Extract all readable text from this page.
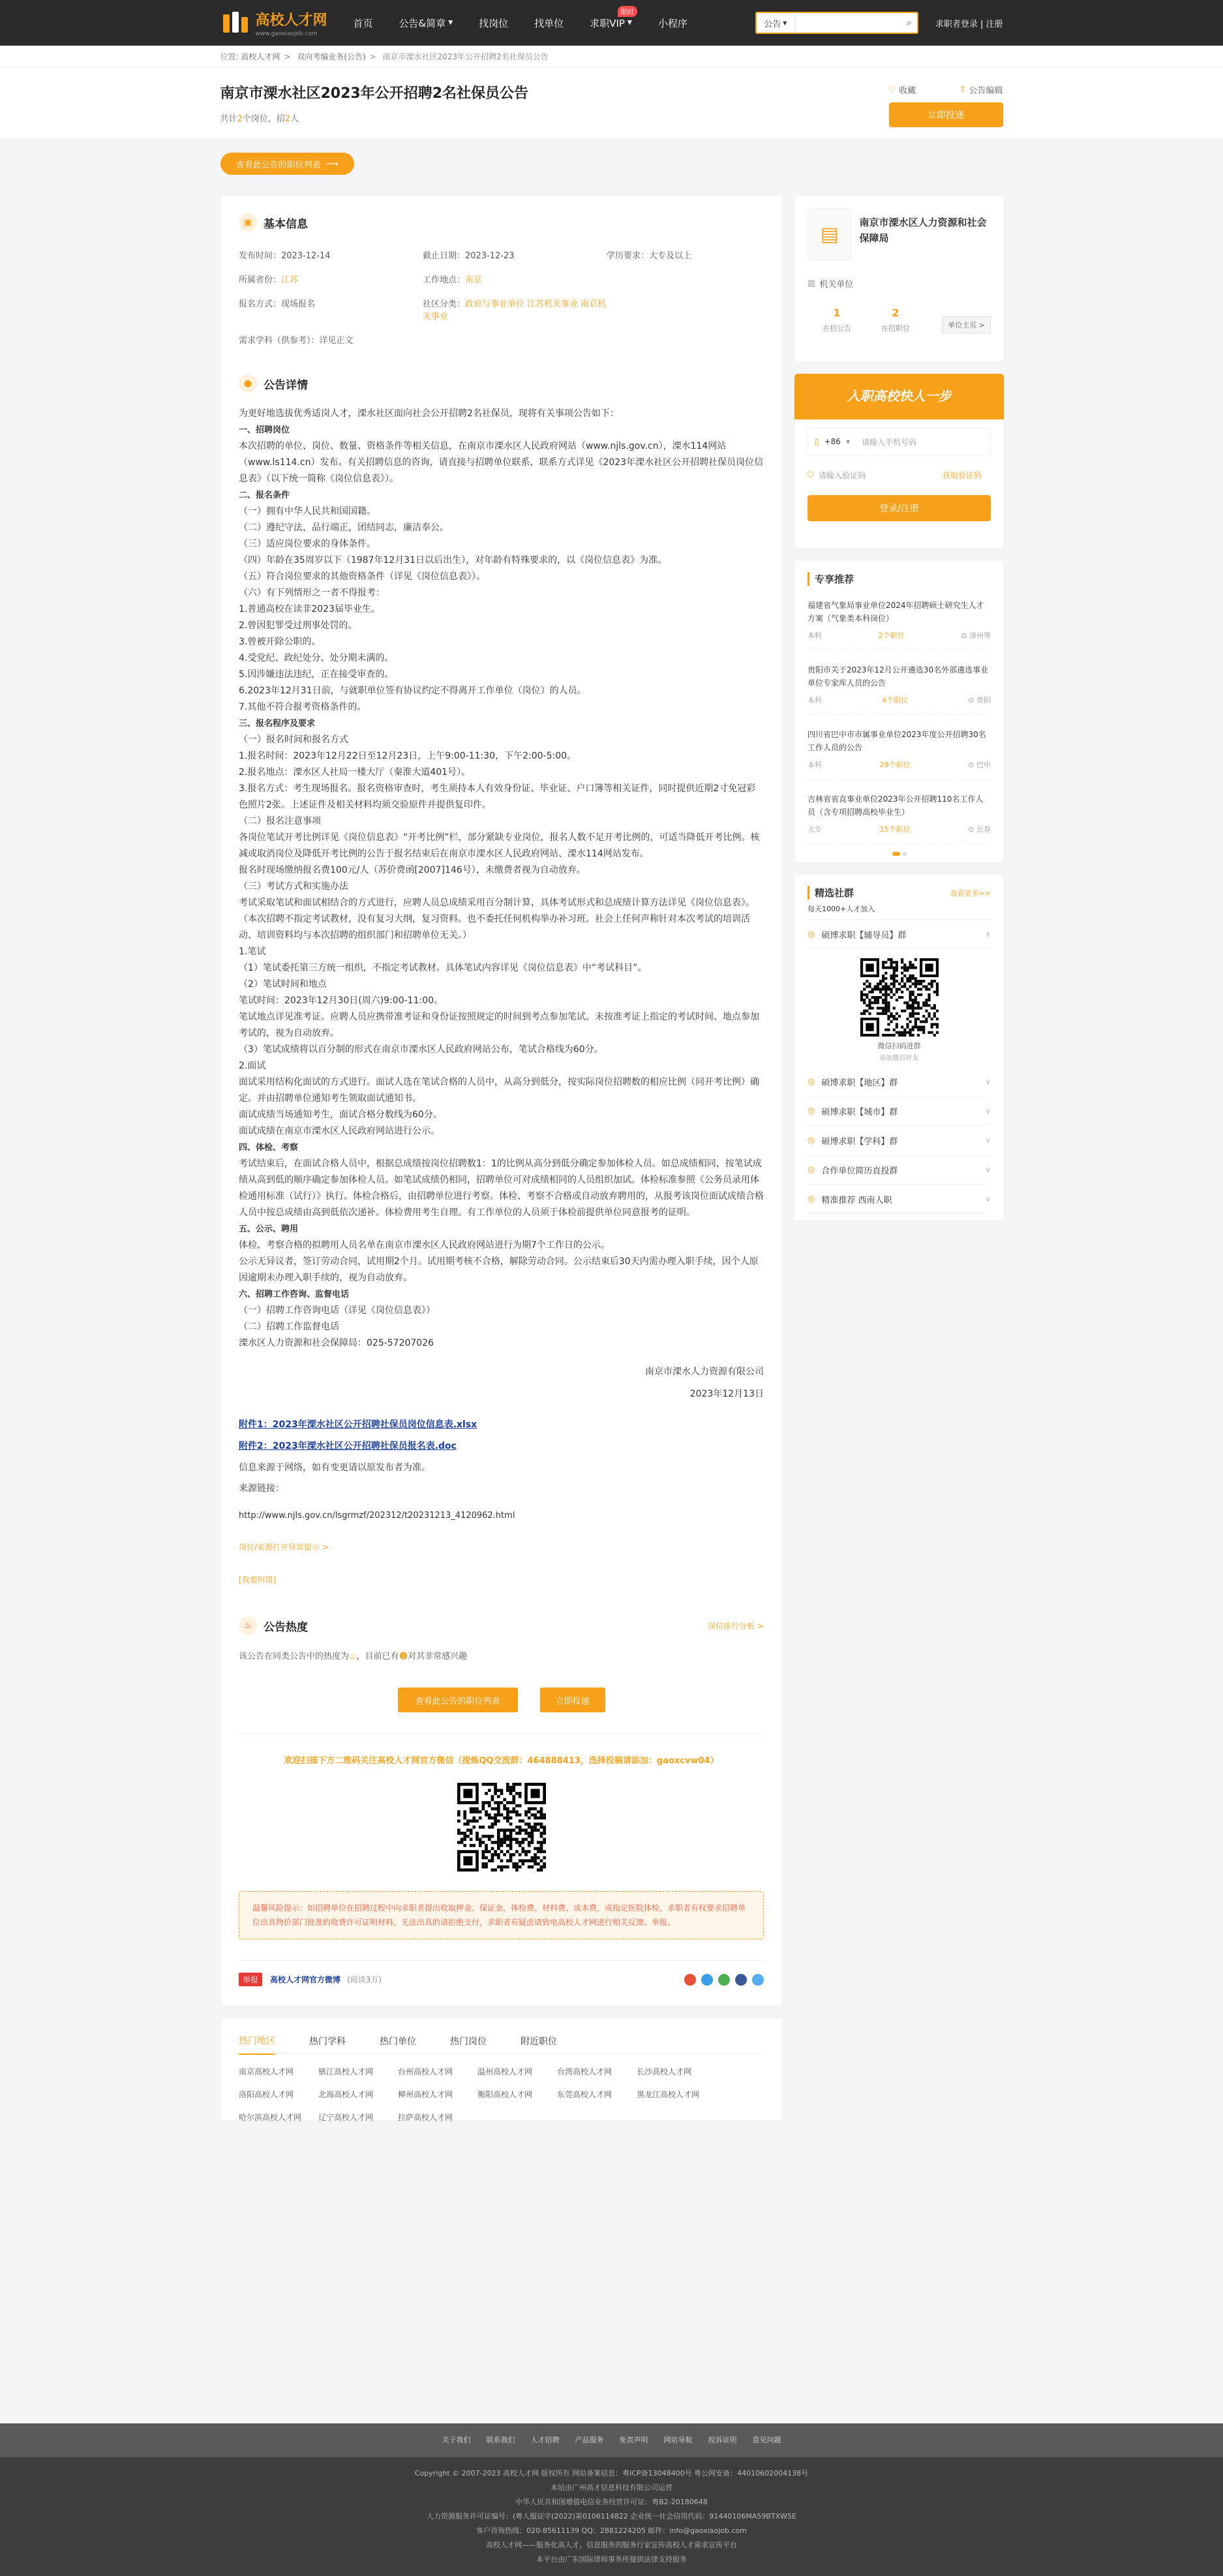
高校人才网
www.gaoxiaojob.com
首页	公告&简章 ▼	找岗位	找单位	求职VIP ▼
限时
小程序	公告 ▼	⌕	求职者登录 | 注册
位置: 高校人才网 > 双向考编业务(公告) > 南京市溧水社区2023年公开招聘2名社保员公告
南京市溧水社区2023年公开招聘2名社保员公告
共计2个岗位，招2人
♡ 收藏	⇪ 公告编辑
立即投递
查看此公告的职位列表 ⟶
▣	基本信息
发布时间：2023-12-14	截止日期：2023-12-23	学历要求：大专及以上
所属省份：江苏	工作地点：南京
报名方式：现场报名	社区分类：政府与事业单位 江苏机关事业 南京机关事业
需求学科（供参考）：详见正文
●	公告详情

为更好地选拔优秀适岗人才，溧水社区面向社会公开招聘2名社保员，现将有关事项公告如下：

一、招聘岗位

本次招聘的单位、岗位、数量、资格条件等相关信息，在南京市溧水区人民政府网站（www.njls.gov.cn），溧水114网站（www.ls114.cn）发布。有关招聘信息的咨询，请直接与招聘单位联系，联系方式详见《2023年溧水社区公开招聘社保员岗位信息表》（以下统一简称《岗位信息表》）。

二、报名条件

（一）拥有中华人民共和国国籍。

（二）遵纪守法，品行端正，团结同志，廉洁奉公。

（三）适应岗位要求的身体条件。

（四）年龄在35周岁以下（1987年12月31日以后出生），对年龄有特殊要求的，以《岗位信息表》为准。

（五）符合岗位要求的其他资格条件（详见《岗位信息表》）。

（六）有下列情形之一者不得报考：

1.普通高校在读非2023届毕业生。

2.曾因犯罪受过刑事处罚的。

3.曾被开除公职的。

4.受党纪、政纪处分、处分期未满的。

5.因涉嫌违法违纪，正在接受审查的。

6.2023年12月31日前，与就职单位签有协议约定不得离开工作单位（岗位）的人员。

7.其他不符合报考资格条件的。

三、报名程序及要求

（一）报名时间和报名方式

1.报名时间：2023年12月22日至12月23日，上午9:00-11:30，下午2:00-5:00。

2.报名地点：溧水区人社局一楼大厅（秦淮大道401号）。

3.报名方式：考生现场报名。报名资格审查时，考生须持本人有效身份证、毕业证、户口簿等相关证件，同时提供近期2寸免冠彩色照片2张。上述证件及相关材料均须交验原件并提供复印件。

（二）报名注意事项

各岗位笔试开考比例详见《岗位信息表》“开考比例”栏，部分紧缺专业岗位，报名人数不足开考比例的，可适当降低开考比例。核减或取消岗位及降低开考比例的公告于报名结束后在南京市溧水区人民政府网站、溧水114网站发布。

报名时现场缴纳报名费100元/人（苏价费函[2007]146号），未缴费者视为自动放弃。

（三）考试方式和实施办法

考试采取笔试和面试相结合的方式进行，应聘人员总成绩采用百分制计算，具体考试形式和总成绩计算方法详见《岗位信息表》。

（本次招聘不指定考试教材，没有复习大纲，复习资料。也不委托任何机构举办补习班。社会上任何声称针对本次考试的培训活动、培训资料均与本次招聘的组织部门和招聘单位无关。）

1.笔试

（1）笔试委托第三方统一组织，不指定考试教材。具体笔试内容详见《岗位信息表》中“考试科目”。

（2）笔试时间和地点

笔试时间：2023年12月30日(周六)9:00-11:00。

笔试地点详见准考证。应聘人员应携带准考证和身份证按照规定的时间到考点参加笔试。未按准考证上指定的考试时间、地点参加考试的，视为自动放弃。

（3）笔试成绩将以百分制的形式在南京市溧水区人民政府网站公布，笔试合格线为60分。

2.面试

面试采用结构化面试的方式进行。面试人选在笔试合格的人员中，从高分到低分，按实际岗位招聘数的相应比例（同开考比例）确定。并由招聘单位通知考生领取面试通知书。

面试成绩当场通知考生，面试合格分数线为60分。

面试成绩在南京市溧水区人民政府网站进行公示。

四、体检、考察

考试结束后，在面试合格人员中，根据总成绩按岗位招聘数1：1的比例从高分到低分确定参加体检人员。如总成绩相同，按笔试成绩从高到低的顺序确定参加体检人员。如笔试成绩仍相同，招聘单位可对成绩相同的人员组织加试。体检标准参照《公务员录用体检通用标准（试行）》执行。体检合格后，由招聘单位进行考察。体检、考察不合格或自动放弃聘用的，从报考该岗位面试成绩合格人员中按总成绩由高到低依次递补。体检费用考生自理。有工作单位的人员须于体检前提供单位同意报考的证明。

五、公示、聘用

体检、考察合格的拟聘用人员名单在南京市溧水区人民政府网站进行为期7个工作日的公示。

公示无异议者，签订劳动合同，试用期2个月。试用期考核不合格，解除劳动合同。公示结束后30天内需办理入职手续，因个人原因逾期未办理入职手续的，视为自动放弃。

六、招聘工作咨询、监督电话

（一）招聘工作咨询电话（详见《岗位信息表》）

（二）招聘工作监督电话

溧水区人力资源和社会保障局：025-57207026

南京市溧水人力资源有限公司
2023年12月13日
附件1：2023年溧水社区公开招聘社保员岗位信息表.xlsx
附件2：2023年溧水社区公开招聘社保员报名表.doc
信息来源于网络，如有变更请以原发布者为准。
来源链接：
http://www.njls.gov.cn/lsgrmzf/202312/t20231213_4120962.html
岗位/来源打开异常提示 >
[我要纠错]
♨	公告热度	岗位排行分析 >
该公告在同类公告中的热度为♨，目前已有☻对其非常感兴趣
查看此公告的职位列表	立即投递
欢迎扫描下方二维码关注高校人才网官方微信（提炼QQ交流群：464888413，选择投稿请添加：gaoxcvw04）
温馨风险提示：如招聘单位在招聘过程中向求职者提出收取押金、保证金、体检费、材料费、成本费，或指定医院体检，求职者有权要求招聘单位出具物价部门批准的收费许可证明材料，无法出具的请拒绝支付，求职者有疑虑请致电高校人才网进行相关反馈、举报。
举报	高校人才网官方微博 (阅读3万)
热门地区	热门学科	热门单位	热门岗位	附近职位
南京高校人才网	镇江高校人才网	台州高校人才网	温州高校人才网	台湾高校人才网	长沙高校人才网
洛阳高校人才网	北海高校人才网	柳州高校人才网	衡阳高校人才网	东莞高校人才网	黑龙江高校人才网
哈尔滨高校人才网	辽宁高校人才网	拉萨高校人才网
▤
南京市溧水区人力资源和社会保障局
▥ 机关单位
1
在招公告
2
在招职位	单位主页 >
入职高校快人一步
▯ +86 ▼ 请输入手机号码
⛉ 请输入验证码	获取验证码
登录/注册
专享推荐
福建省气象局事业单位2024年招聘硕士研究生人才方案（气象类本科岗位）
本科	2个职位	⊙ 漳州等
贵阳市关于2023年12月公开遴选30名外部遴选事业单位专家库人员的公告
本科	4个职位	⊙ 贵阳
四川省巴中市市属事业单位2023年度公开招聘30名工作人员的公告
本科	29个职位	⊙ 巴中
吉林省省直事业单位2023年公开招聘110名工作人员（含专项招聘高校毕业生）
大专	15个职位	⊙ 长春
精选社群	查看更多>>
每天1000+人才加入
◎ 硕博求职【辅导员】群	∧
微信扫码进群
添加微信好友
◎ 硕博求职【地区】群	∨
◎ 硕博求职【城市】群	∨
◎ 硕博求职【学科】群	∨
◎ 合作单位简历直投群	∨
◎ 精准推荐 西南人职	∨
关于我们 联系我们 人才招聘 产品服务 免责声明 网站导航 投诉证明 意见问题
Copyright © 2007-2023 高校人才网 版权所有 网站备案信息：粤ICP备13048400号 粤公网安备：44010602004138号
本站由广州高才信息科技有限公司运营
中华人民共和国增值电信业务经营许可证：粤B2-20180648
人力资源服务许可证编号：(粤人服证字(2022)第0106114822 企业统一社会信用代码：91440106MA59BTXW5E
客户咨询热线：020-85611139 QQ：2881224205 邮件：info@gaoxiaojob.com
高校人才网——服务化高人才，信息服务的服务行家宣传高校人才需求宣传平台
本平台由广东国际律师事务所提供法律支持服务
